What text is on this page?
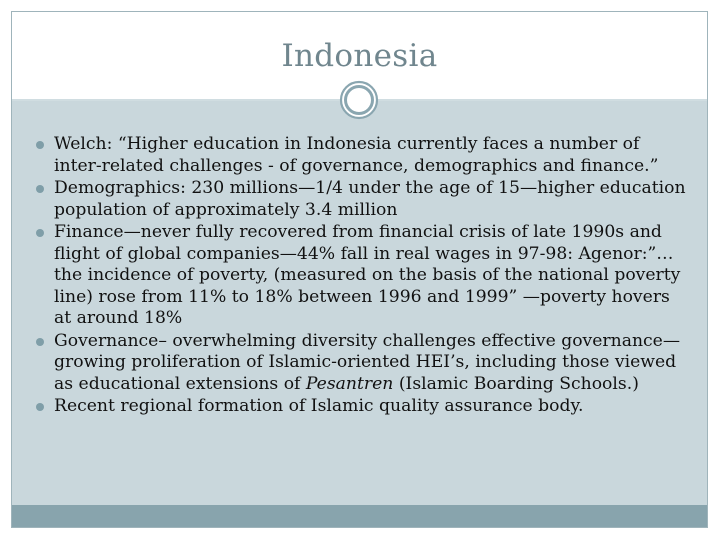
Indonesia
Welch: “Higher education in Indonesia currently faces a number of inter-related challenges - of governance, demographics and finance.”
Demographics: 230 millions—1/4 under the age of 15—higher education population of approximately 3.4 million
Finance—never fully recovered from financial crisis of late 1990s and flight of global companies—44% fall in real wages in 97-98: Agenor:”… the incidence of poverty, (measured on the basis of the national poverty line) rose from 11% to 18% between 1996 and 1999” —poverty hovers at around 18%
Governance– overwhelming diversity challenges effective governance—growing proliferation of Islamic-oriented HEI’s, including those viewed as educational extensions of Pesantren (Islamic Boarding Schools.)
Recent regional formation of Islamic quality assurance body.
